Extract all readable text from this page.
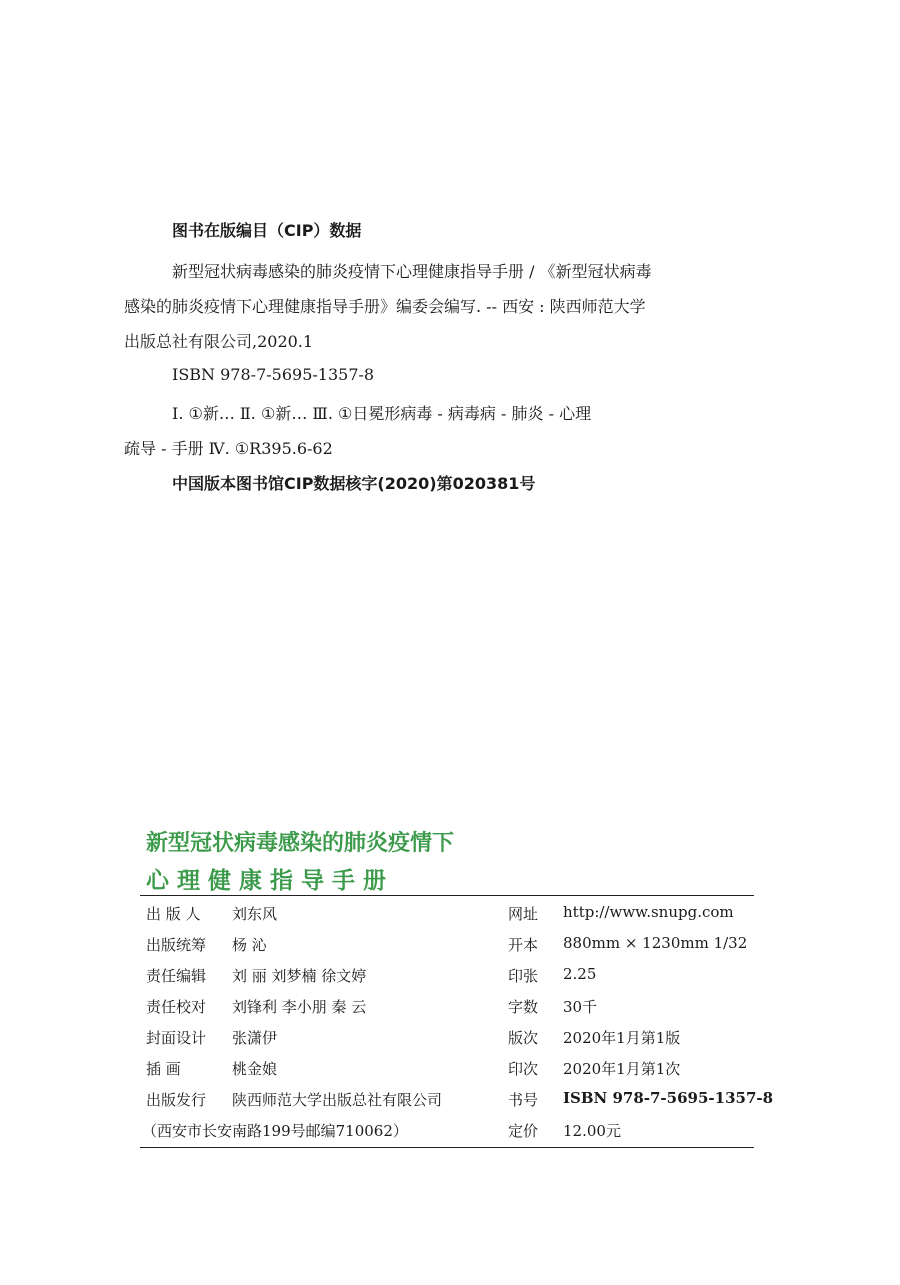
图书在版编目（CIP）数据
新型冠状病毒感染的肺炎疫情下心理健康指导手册 / 《新型冠状病毒
感染的肺炎疫情下心理健康指导手册》编委会编写. -- 西安 : 陕西师范大学
出版总社有限公司,2020.1
ISBN 978-7-5695-1357-8
Ⅰ. ①新… Ⅱ. ①新… Ⅲ. ①日冕形病毒 - 病毒病 - 肺炎 - 心理
疏导 - 手册 Ⅳ. ①R395.6-62
中国版本图书馆CIP数据核字(2020)第020381号
新型冠状病毒感染的肺炎疫情下
心 理 健 康 指 导 手 册
出 版 人 刘东风	网址 http://www.snupg.com
出版统筹 杨 沁	开本 880mm × 1230mm 1/32
责任编辑 刘 丽 刘梦楠 徐文婷	印张 2.25
责任校对 刘锋利 李小朋 秦 云	字数 30千
封面设计 张潇伊	版次 2020年1月第1版
插 画	桃金娘	印次 2020年1月第1次
出版发行 陕西师范大学出版总社有限公司	书号 ISBN 978-7-5695-1357-8
（西安市长安南路199号邮编710062）	定价 12.00元
